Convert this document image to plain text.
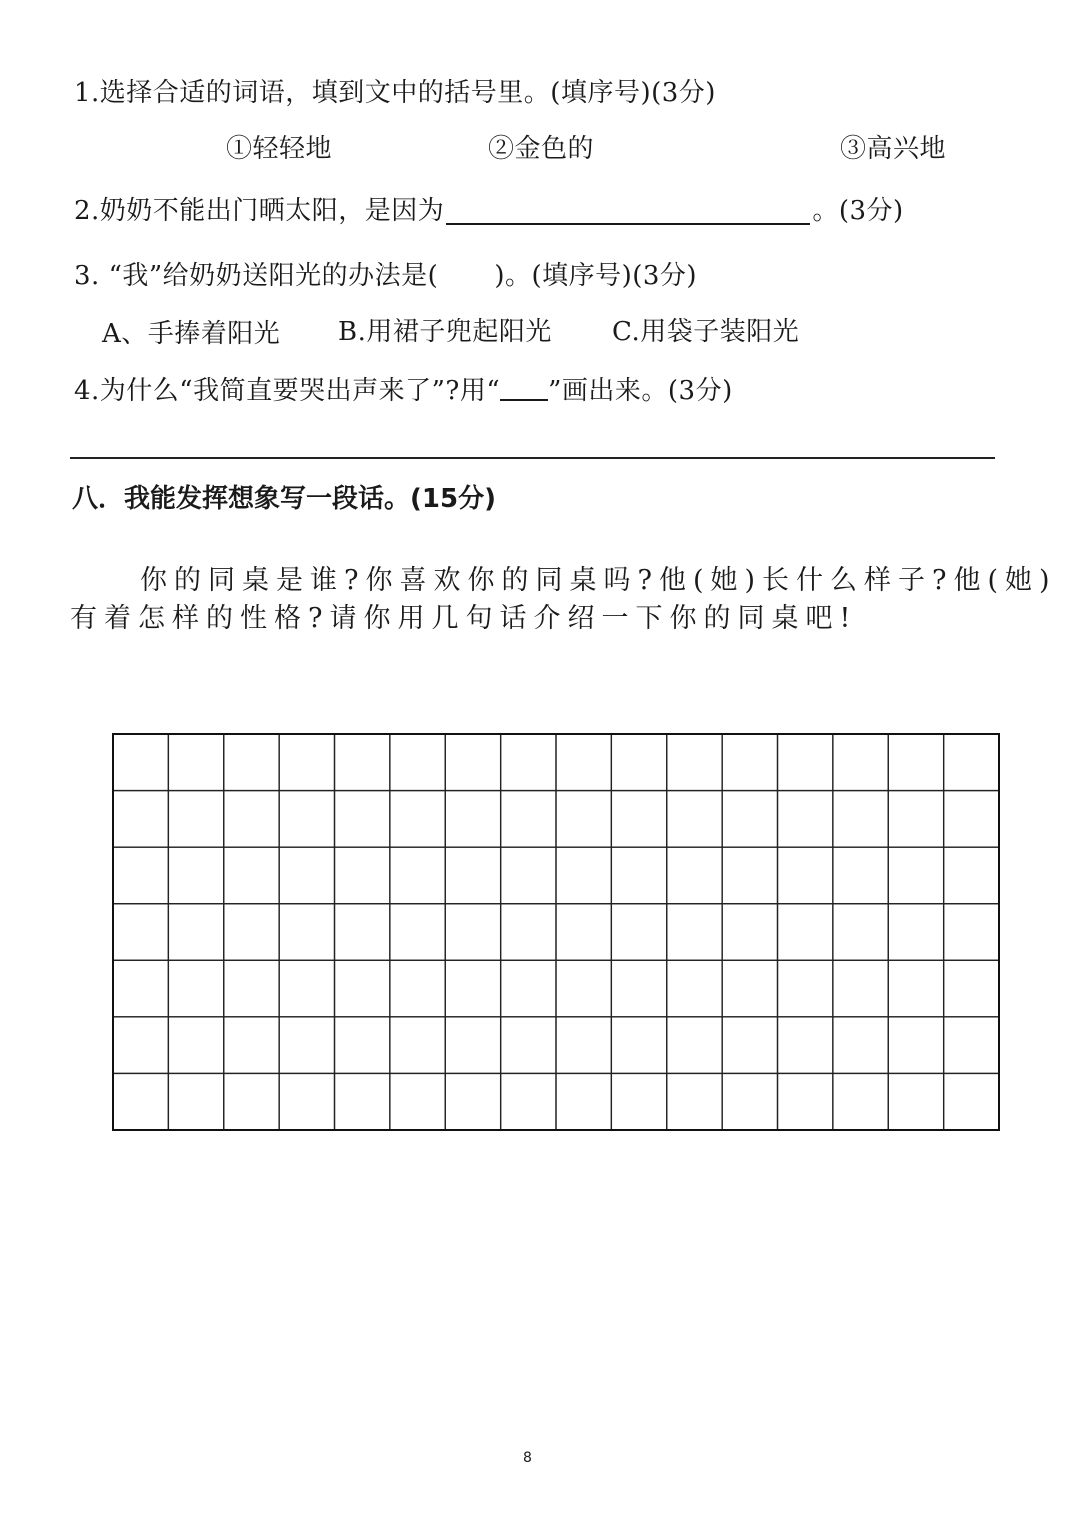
1.选择合适的词语，填到文中的括号里。(填序号)(3分)
①轻轻地	②金色的	③高兴地
2.奶奶不能出门晒太阳，是因为	。(3分)
3. “我”给奶奶送阳光的办法是( )。(填序号)(3分)
A、手捧着阳光 B.用裙子兜起阳光 C.用袋子装阳光
4.为什么“我简直要哭出声来了”?用“ ”画出来。(3分)
八．我能发挥想象写一段话。(15分)
你的同桌是谁?你喜欢你的同桌吗?他(她)长什么样子?他(她)
有着怎样的性格?请你用几句话介绍一下你的同桌吧!
8
